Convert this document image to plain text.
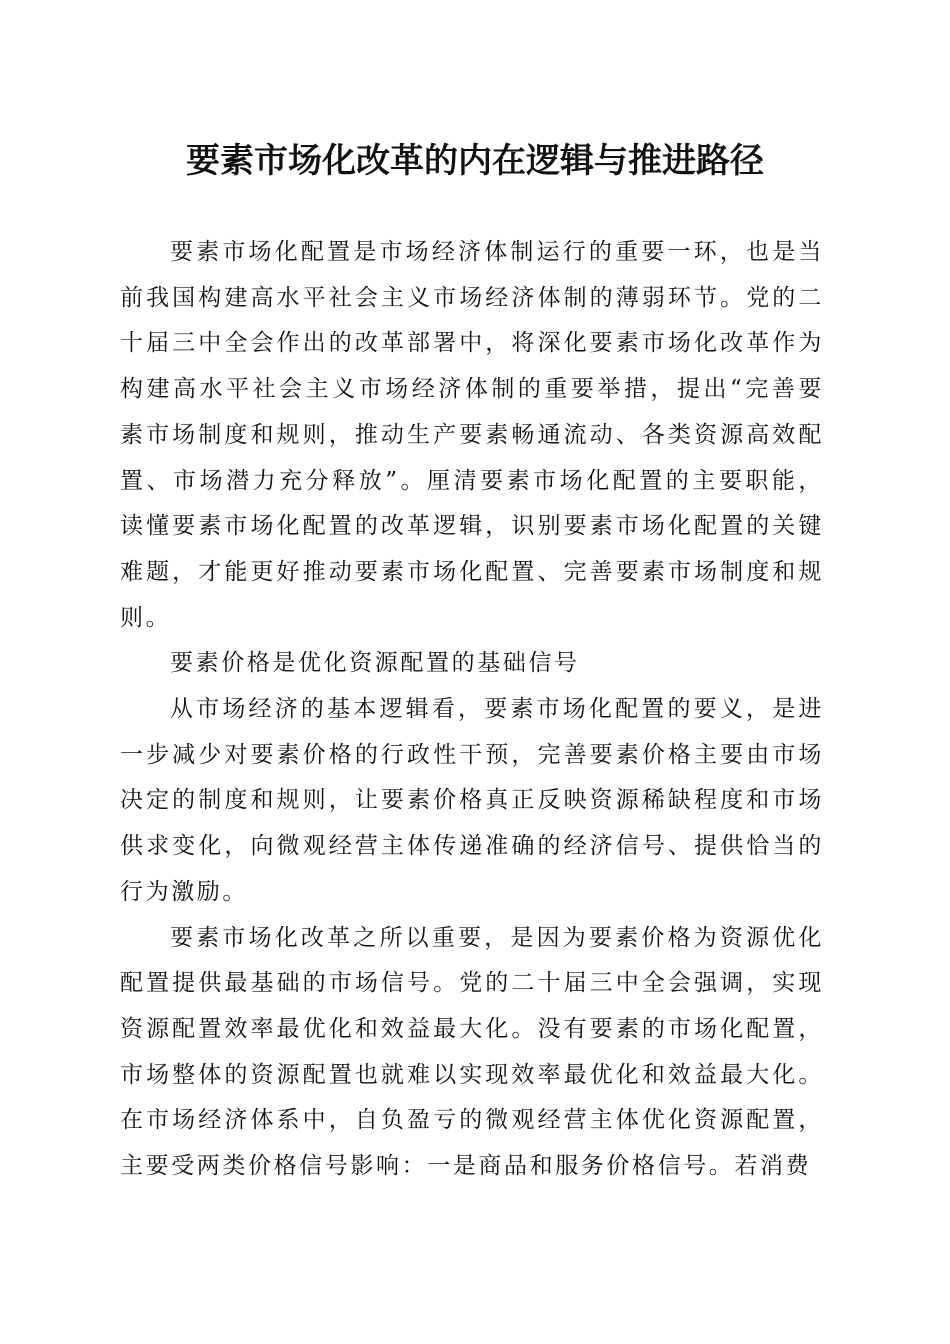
要素市场化改革的内在逻辑与推进路径

要素市场化配置是市场经济体制运行的重要一环，也是当前我国构建高水平社会主义市场经济体制的薄弱环节。党的二十届三中全会作出的改革部署中，将深化要素市场化改革作为构建高水平社会主义市场经济体制的重要举措，提出“完善要素市场制度和规则，推动生产要素畅通流动、各类资源高效配置、市场潜力充分释放”。厘清要素市场化配置的主要职能，读懂要素市场化配置的改革逻辑，识别要素市场化配置的关键难题，才能更好推动要素市场化配置、完善要素市场制度和规则。

要素价格是优化资源配置的基础信号

从市场经济的基本逻辑看，要素市场化配置的要义，是进一步减少对要素价格的行政性干预，完善要素价格主要由市场决定的制度和规则，让要素价格真正反映资源稀缺程度和市场供求变化，向微观经营主体传递准确的经济信号、提供恰当的行为激励。

要素市场化改革之所以重要，是因为要素价格为资源优化配置提供最基础的市场信号。党的二十届三中全会强调，实现资源配置效率最优化和效益最大化。没有要素的市场化配置，市场整体的资源配置也就难以实现效率最优化和效益最大化。在市场经济体系中，自负盈亏的微观经营主体优化资源配置，主要受两类价格信号影响：一是商品和服务价格信号。若消费
